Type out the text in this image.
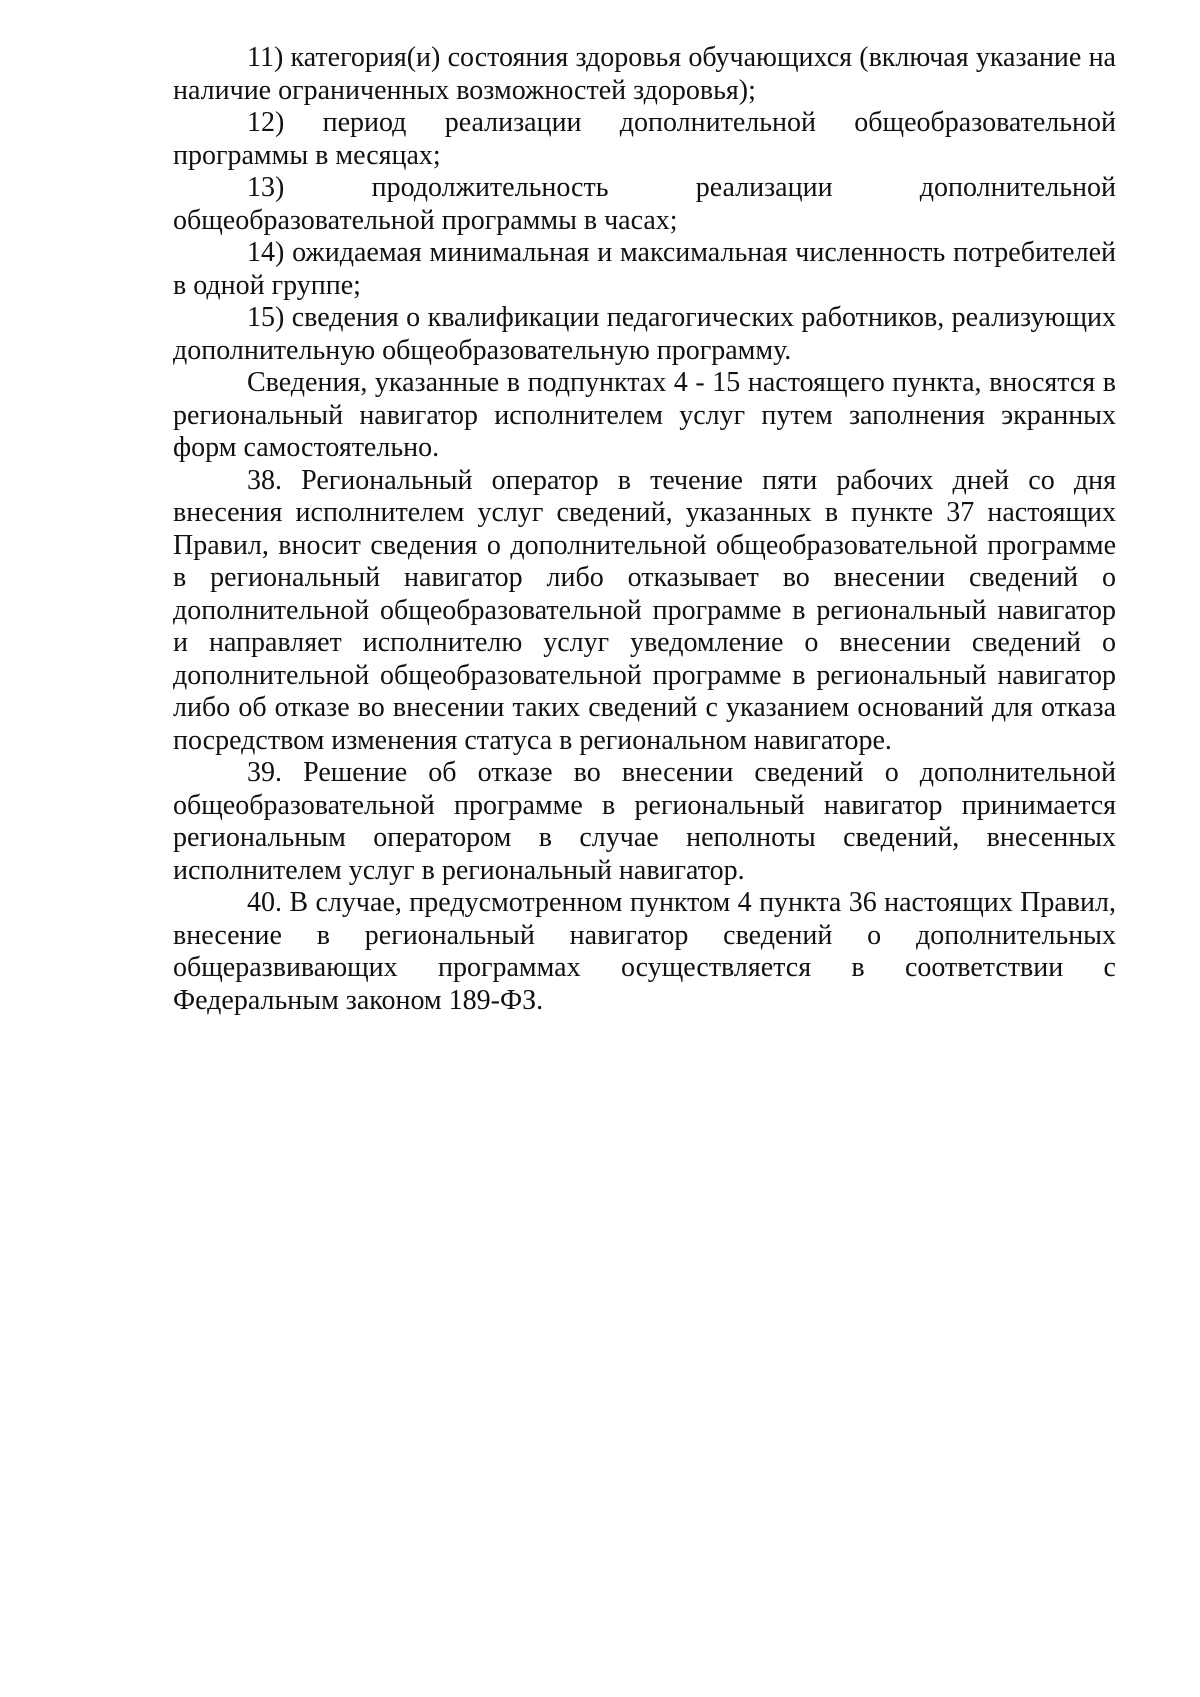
11) категория(и) состояния здоровья обучающихся (включая указание на наличие ограниченных возможностей здоровья);

12) период реализации дополнительной общеобразовательной программы в месяцах;

13) продолжительность реализации дополнительной общеобразовательной программы в часах;

14) ожидаемая минимальная и максимальная численность потребителей в одной группе;

15) сведения о квалификации педагогических работников, реализующих дополнительную общеобразовательную программу.

Сведения, указанные в подпунктах 4 - 15 настоящего пункта, вносятся в региональный навигатор исполнителем услуг путем заполнения экранных форм самостоятельно.

38. Региональный оператор в течение пяти рабочих дней со дня внесения исполнителем услуг сведений, указанных в пункте 37 настоящих Правил, вносит сведения о дополнительной общеобразовательной программе в региональный навигатор либо отказывает во внесении сведений о дополнительной общеобразовательной программе в региональный навигатор и направляет исполнителю услуг уведомление о внесении сведений о дополнительной общеобразовательной программе в региональный навигатор либо об отказе во внесении таких сведений с указанием оснований для отказа посредством изменения статуса в региональном навигаторе.

39. Решение об отказе во внесении сведений о дополнительной общеобразовательной программе в региональный навигатор принимается региональным оператором в случае неполноты сведений, внесенных исполнителем услуг в региональный навигатор.

40. В случае, предусмотренном пунктом 4 пункта 36 настоящих Правил, внесение в региональный навигатор сведений о дополнительных общеразвивающих программах осуществляется в соответствии с Федеральным законом 189-ФЗ.
